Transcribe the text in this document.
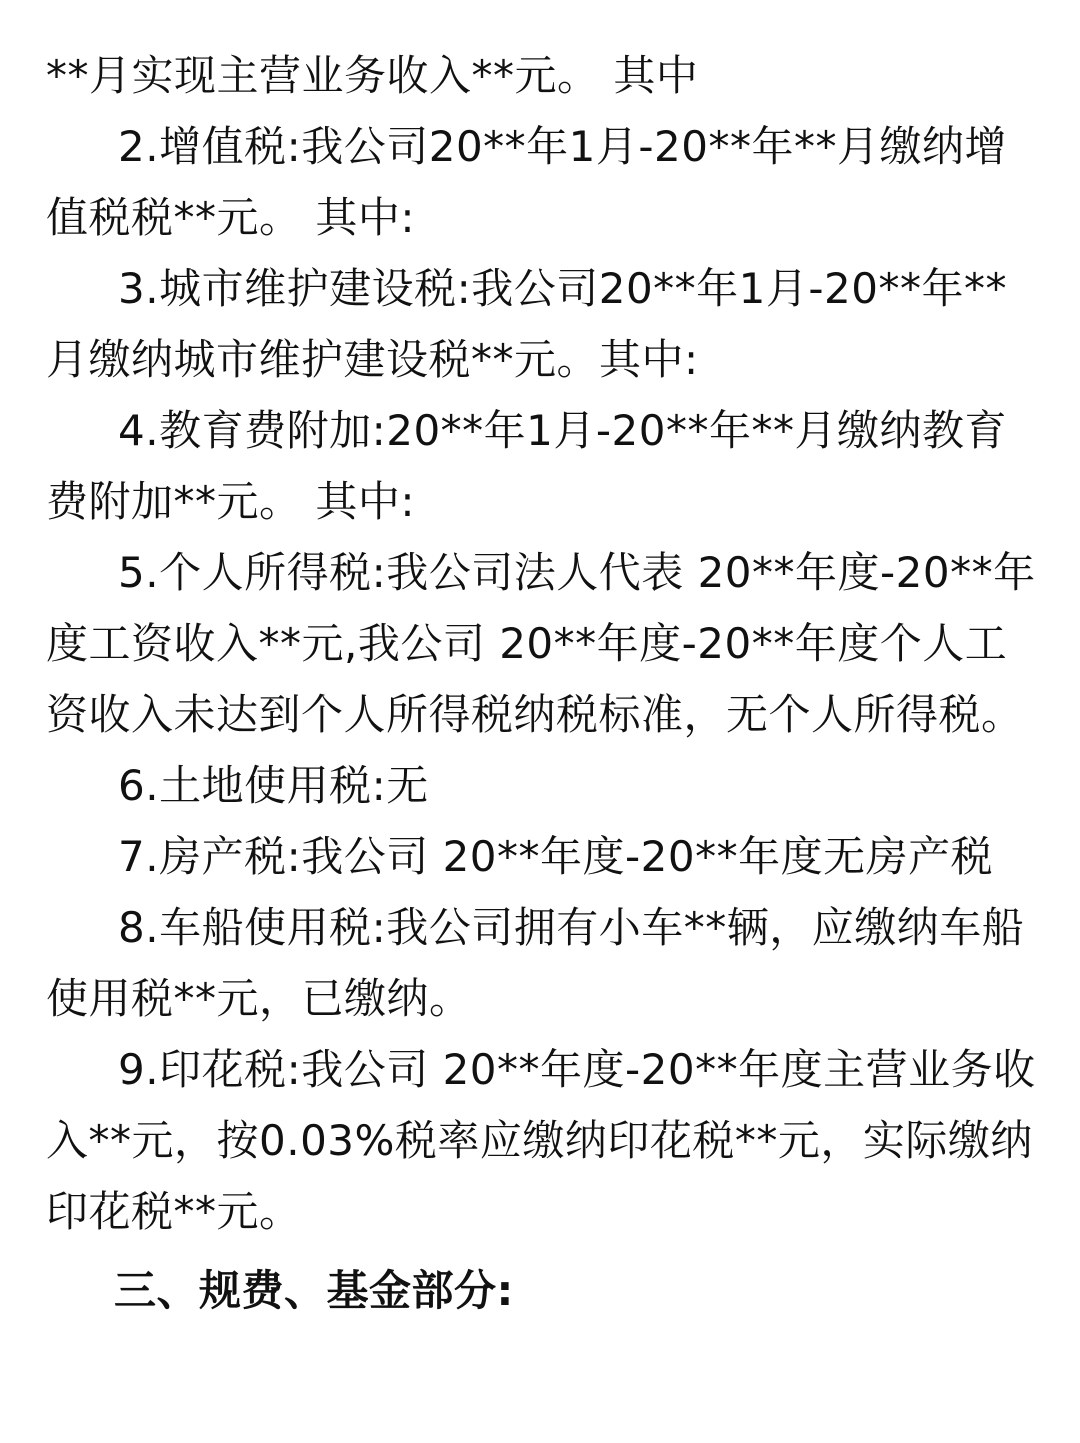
**月实现主营业务收入**元。 其中

2.增值税:我公司20**年1月-20**年**月缴纳增值税税**元。 其中:

3.城市维护建设税:我公司20**年1月-20**年**月缴纳城市维护建设税**元。其中:

4.教育费附加:20**年1月-20**年**月缴纳教育费附加**元。 其中:

5.个人所得税:我公司法人代表 20**年度-20**年度工资收入**元,我公司 20**年度-20**年度个人工资收入未达到个人所得税纳税标准，无个人所得税。

6.土地使用税:无

7.房产税:我公司 20**年度-20**年度无房产税

8.车船使用税:我公司拥有小车**辆，应缴纳车船使用税**元，已缴纳。

9.印花税:我公司 20**年度-20**年度主营业务收入**元，按0.03%税率应缴纳印花税**元，实际缴纳印花税**元。

三、规费、基金部分:
